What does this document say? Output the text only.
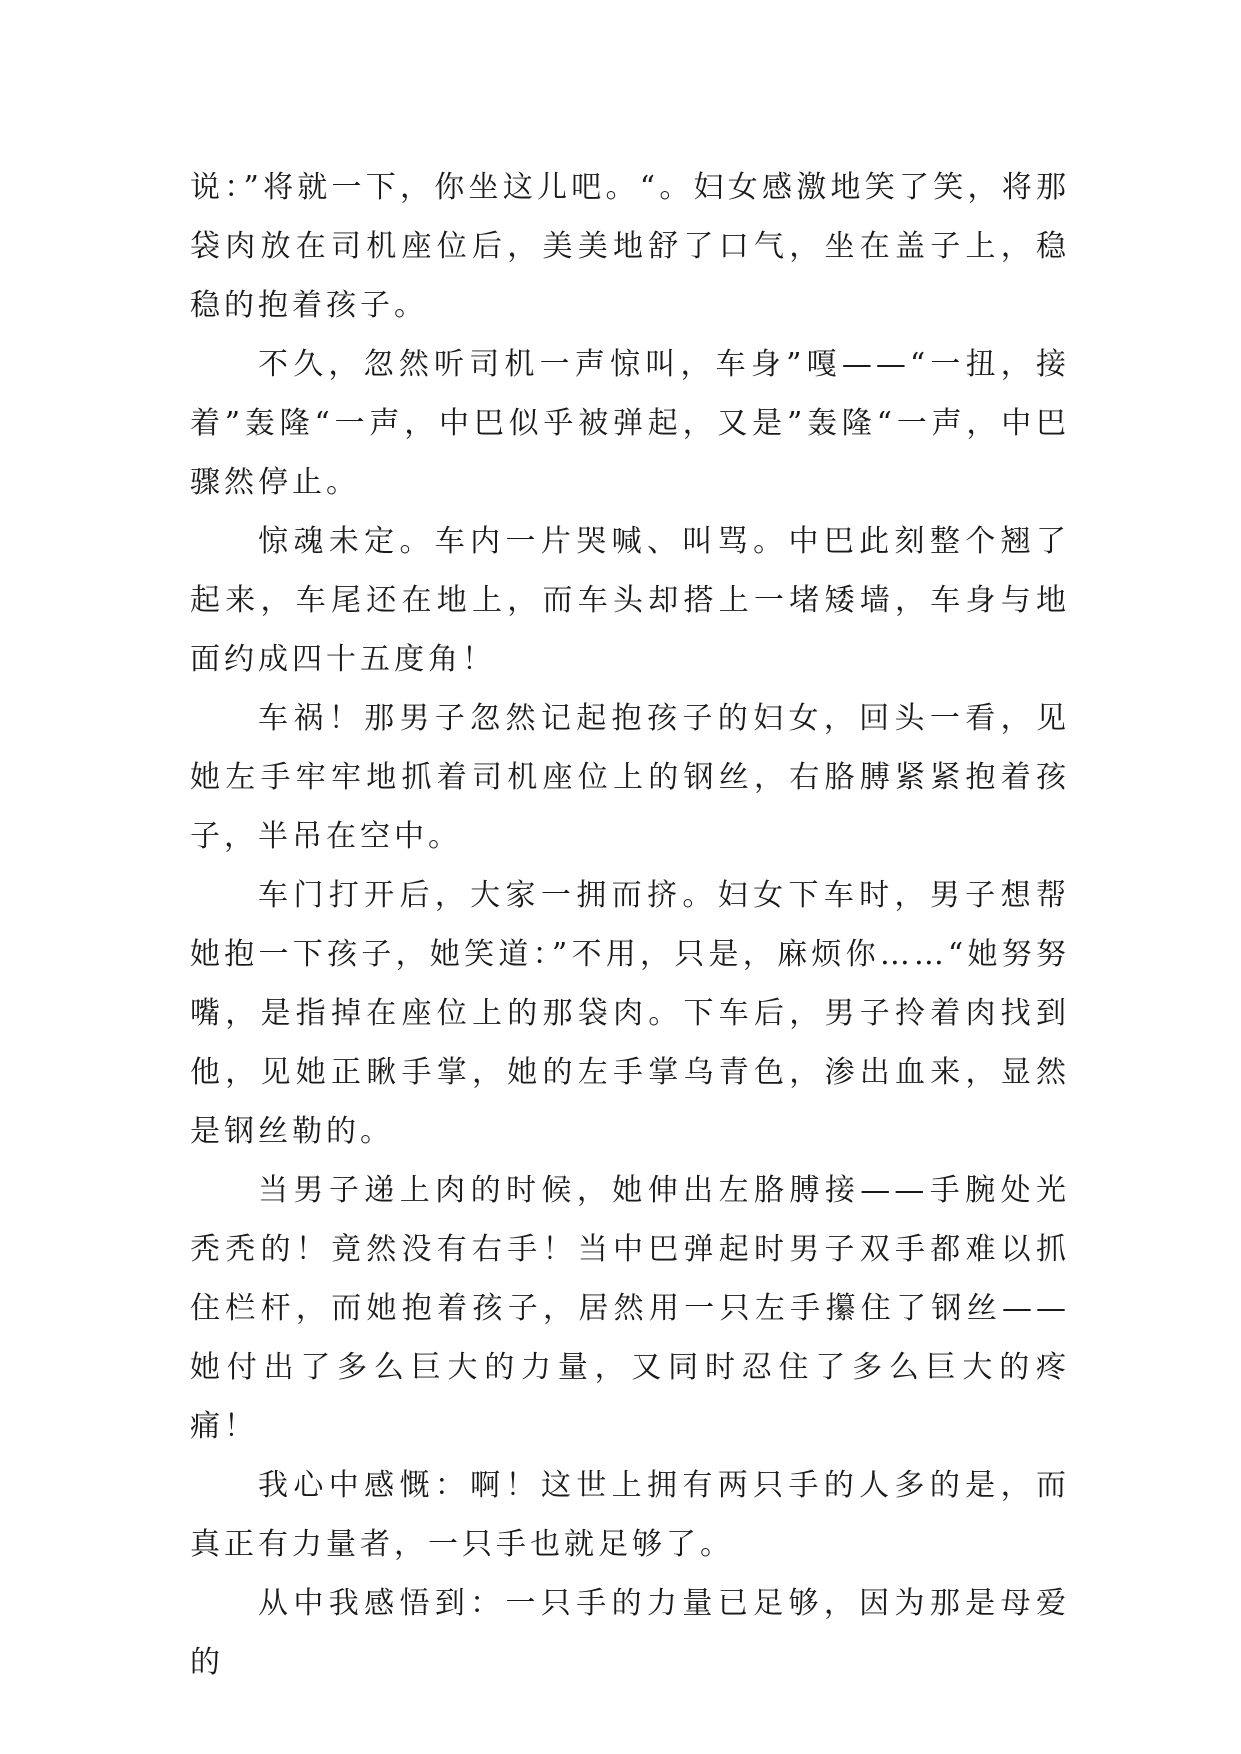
说：”将就一下，你坐这儿吧。“。妇女感激地笑了笑，将那袋肉放在司机座位后，美美地舒了口气，坐在盖子上，稳稳的抱着孩子。

不久，忽然听司机一声惊叫，车身”嘎——“一扭，接着”轰隆“一声，中巴似乎被弹起，又是”轰隆“一声，中巴骤然停止。

惊魂未定。车内一片哭喊、叫骂。中巴此刻整个翘了起来，车尾还在地上，而车头却搭上一堵矮墙，车身与地面约成四十五度角！

车祸！那男子忽然记起抱孩子的妇女，回头一看，见她左手牢牢地抓着司机座位上的钢丝，右胳膊紧紧抱着孩子，半吊在空中。

车门打开后，大家一拥而挤。妇女下车时，男子想帮她抱一下孩子，她笑道：”不用，只是，麻烦你……“她努努嘴，是指掉在座位上的那袋肉。下车后，男子拎着肉找到他，见她正瞅手掌，她的左手掌乌青色，渗出血来，显然是钢丝勒的。

当男子递上肉的时候，她伸出左胳膊接——手腕处光秃秃的！竟然没有右手！当中巴弹起时男子双手都难以抓住栏杆，而她抱着孩子，居然用一只左手攥住了钢丝——她付出了多么巨大的力量，又同时忍住了多么巨大的疼痛！

我心中感慨：啊！这世上拥有两只手的人多的是，而真正有力量者，一只手也就足够了。

从中我感悟到：一只手的力量已足够，因为那是母爱的
